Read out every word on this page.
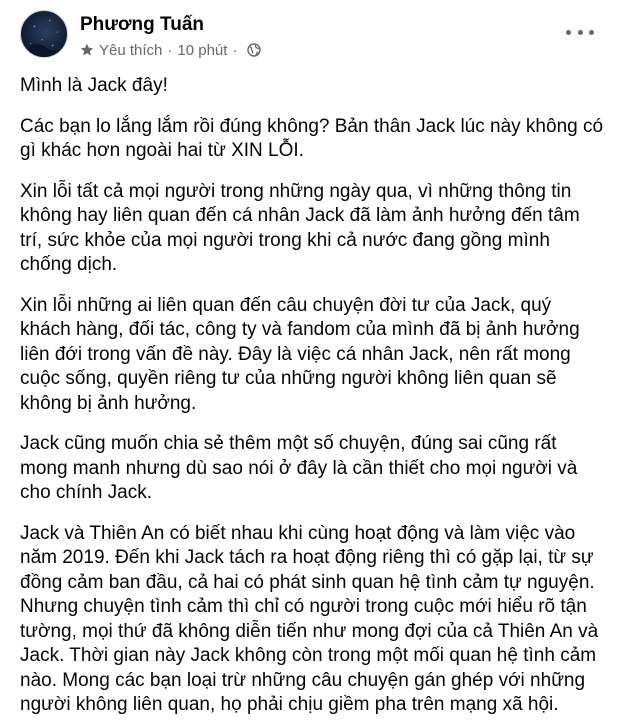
Phương Tuấn
Yêu thích · 10 phút ·

Mình là Jack đây!

Các bạn lo lắng lắm rồi đúng không? Bản thân Jack lúc này không có gì khác hơn ngoài hai từ XIN LỖI.

Xin lỗi tất cả mọi người trong những ngày qua, vì những thông tin không hay liên quan đến cá nhân Jack đã làm ảnh hưởng đến tâm trí, sức khỏe của mọi người trong khi cả nước đang gồng mình chống dịch.

Xin lỗi những ai liên quan đến câu chuyện đời tư của Jack, quý khách hàng, đối tác, công ty và fandom của mình đã bị ảnh hưởng liên đới trong vấn đề này. Đây là việc cá nhân Jack, nên rất mong cuộc sống, quyền riêng tư của những người không liên quan sẽ không bị ảnh hưởng.

Jack cũng muốn chia sẻ thêm một số chuyện, đúng sai cũng rất mong manh nhưng dù sao nói ở đây là cần thiết cho mọi người và cho chính Jack.

Jack và Thiên An có biết nhau khi cùng hoạt động và làm việc vào năm 2019. Đến khi Jack tách ra hoạt động riêng thì có gặp lại, từ sự đồng cảm ban đầu, cả hai có phát sinh quan hệ tình cảm tự nguyện. Nhưng chuyện tình cảm thì chỉ có người trong cuộc mới hiểu rõ tận tường, mọi thứ đã không diễn tiến như mong đợi của cả Thiên An và Jack. Thời gian này Jack không còn trong một mối quan hệ tình cảm nào. Mong các bạn loại trừ những câu chuyện gán ghép với những người không liên quan, họ phải chịu giềm pha trên mạng xã hội.
